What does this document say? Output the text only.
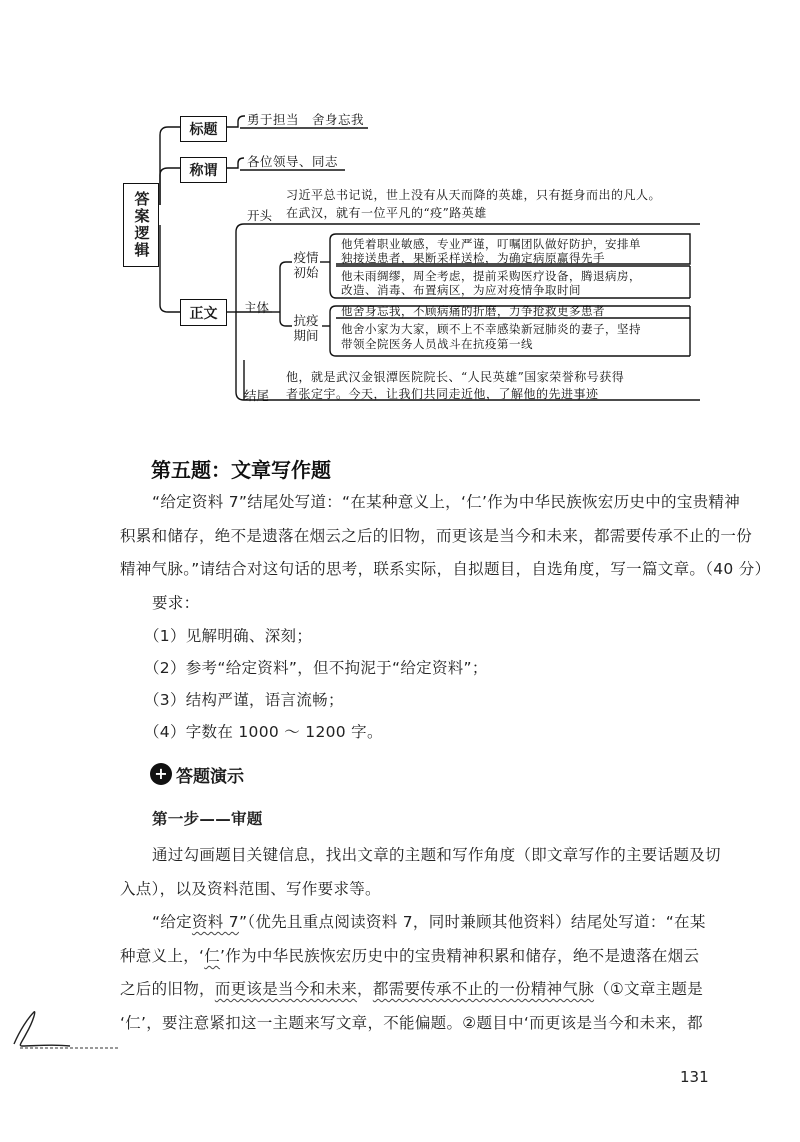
答案逻辑
标题
勇于担当　舍身忘我
称谓
各位领导、同志
正文
开头
习近平总书记说，世上没有从天而降的英雄，只有挺身而出的凡人。
在武汉，就有一位平凡的“疫”路英雄
主体
疫情初始
他凭着职业敏感，专业严谨，叮嘱团队做好防护，安排单
独接送患者，果断采样送检，为确定病原赢得先手
他未雨绸缪，周全考虑，提前采购医疗设备，腾退病房，
改造、消毒、布置病区，为应对疫情争取时间
抗疫期间
他舍身忘我，不顾病痛的折磨，力争抢救更多患者
他舍小家为大家，顾不上不幸感染新冠肺炎的妻子，坚持
带领全院医务人员战斗在抗疫第一线
结尾
他，就是武汉金银潭医院院长、“人民英雄”国家荣誉称号获得
者张定宇。今天，让我们共同走近他，了解他的先进事迹
第五题：文章写作题
“给定资料 7”结尾处写道：“在某种意义上，‘仁’作为中华民族恢宏历史中的宝贵精神
积累和储存，绝不是遗落在烟云之后的旧物，而更该是当今和未来，都需要传承不止的一份
精神气脉。”请结合对这句话的思考，联系实际，自拟题目，自选角度，写一篇文章。（40 分）
要求：
（1）见解明确、深刻；
（2）参考“给定资料”，但不拘泥于“给定资料”；
（3）结构严谨，语言流畅；
（4）字数在 1000 ～ 1200 字。
+ 答题演示
第一步——审题
通过勾画题目关键信息，找出文章的主题和写作角度（即文章写作的主要话题及切
入点），以及资料范围、写作要求等。
“给定资料 7”（优先且重点阅读资料 7，同时兼顾其他资料）结尾处写道：“在某
种意义上，‘仁’作为中华民族恢宏历史中的宝贵精神积累和储存，绝不是遗落在烟云
之后的旧物，而更该是当今和未来，都需要传承不止的一份精神气脉（①文章主题是
‘仁’，要注意紧扣这一主题来写文章，不能偏题。②题目中‘而更该是当今和未来，都
131
